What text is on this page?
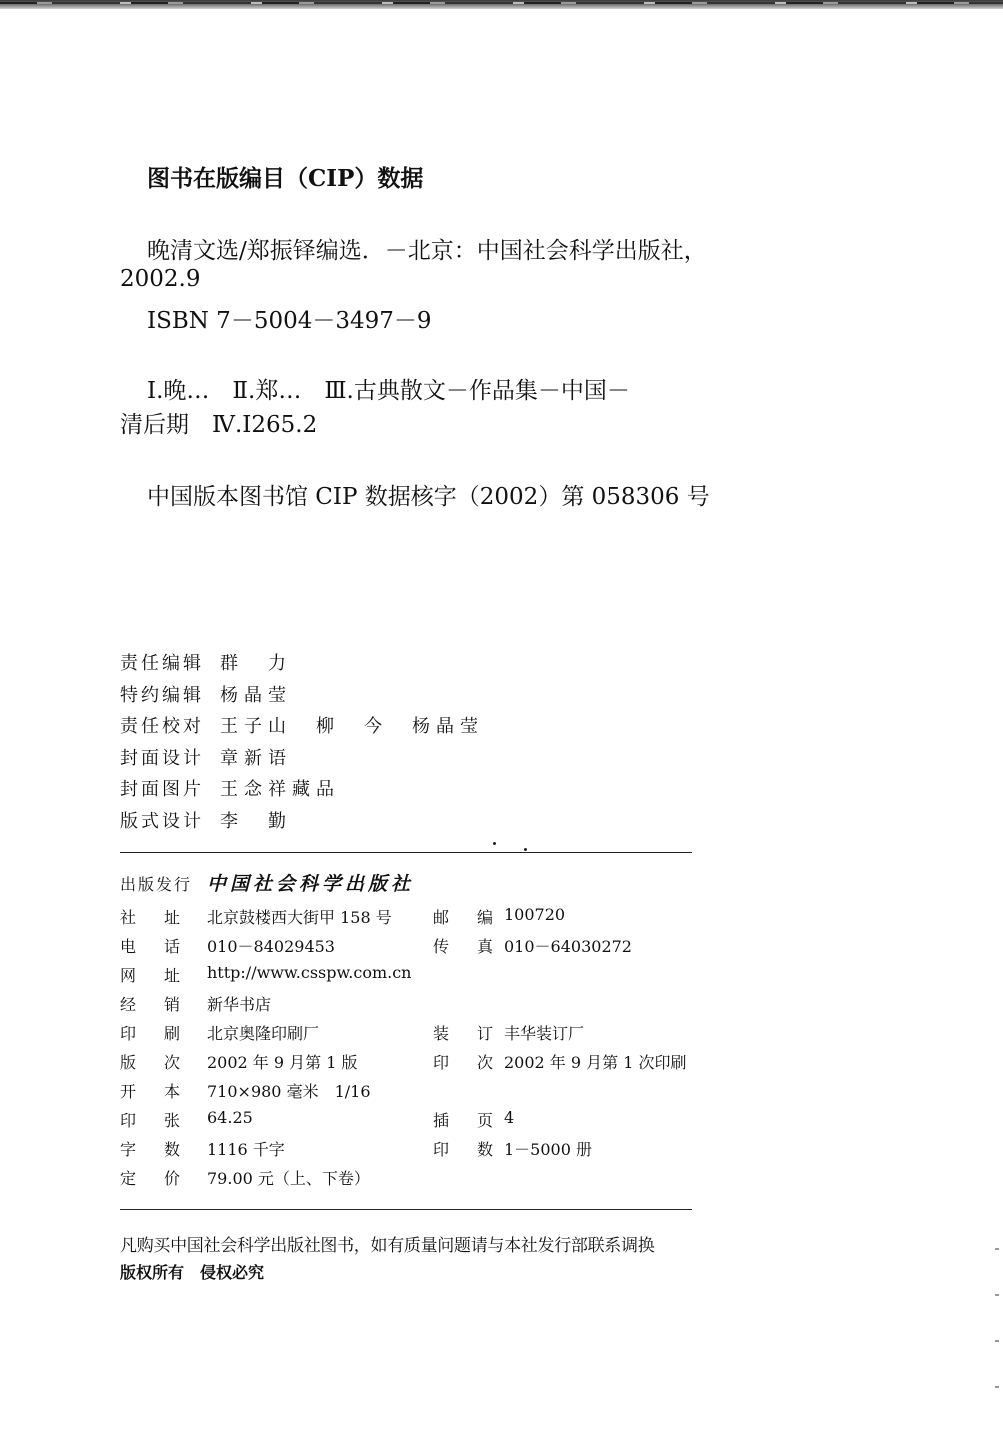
图书在版编目（CIP）数据
晚清文选/郑振铎编选．－北京：中国社会科学出版社，
2002.9
ISBN 7－5004－3497－9
Ⅰ.晚…　Ⅱ.郑…　Ⅲ.古典散文－作品集－中国－
清后期　Ⅳ.Ⅰ265.2
中国版本图书馆 CIP 数据核字（2002）第 058306 号
责任编辑 群　力
特约编辑 杨晶莹
责任校对 王子山　柳　今　杨晶莹
封面设计 章新语
封面图片 王念祥藏品
版式设计 李　勤
出版发行 中国社会科学出版社
社 址 北京鼓楼西大街甲 158 号	邮 编 100720
电 话 010－84029453	传 真 010－64030272
网 址 http://www.csspw.com.cn
经 销 新华书店
印 刷 北京奥隆印刷厂	装 订 丰华装订厂
版 次 2002 年 9 月第 1 版	印 次 2002 年 9 月第 1 次印刷
开 本 710×980 毫米　1/16
印 张 64.25	插 页 4
字 数 1116 千字	印 数 1－5000 册
定 价 79.00 元（上、下卷）
凡购买中国社会科学出版社图书，如有质量问题请与本社发行部联系调换
版权所有　侵权必究
